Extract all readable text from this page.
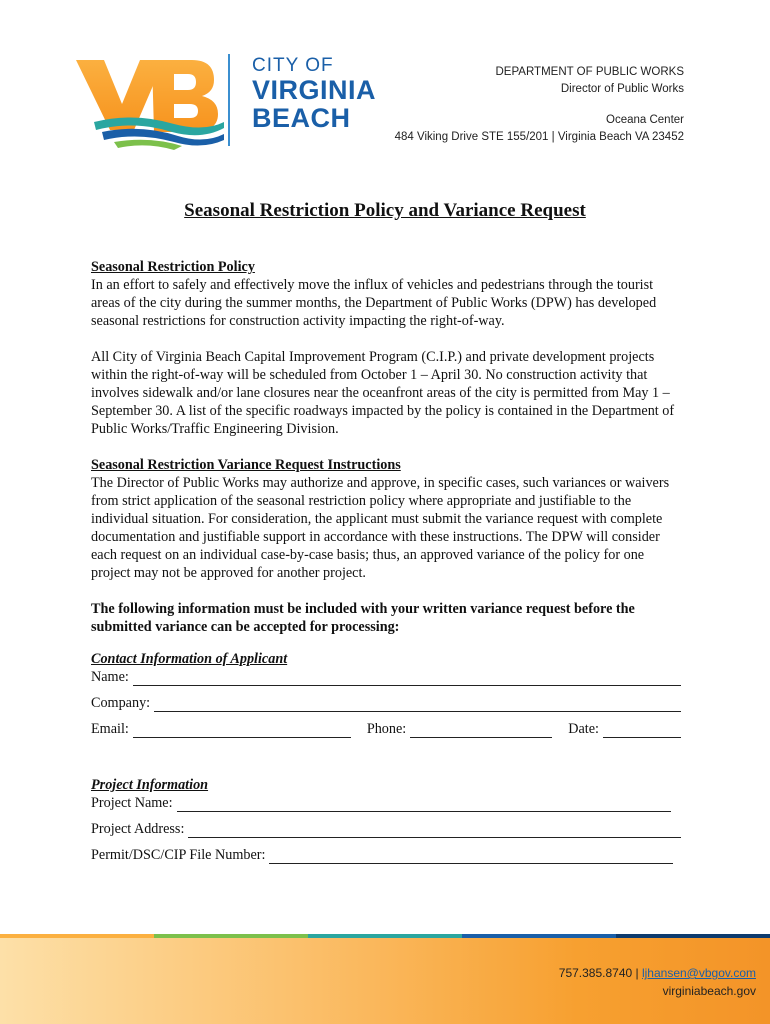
CITY OF
VIRGINIA
BEACH
DEPARTMENT OF PUBLIC WORKS
Director of Public Works
Oceana Center
484 Viking Drive STE 155/201 | Virginia Beach VA 23452
Seasonal Restriction Policy and Variance Request

Seasonal Restriction Policy

In an effort to safely and effectively move the influx of vehicles and pedestrians through the tourist areas of the city during the summer months, the Department of Public Works (DPW) has developed seasonal restrictions for construction activity impacting the right-of-way.

All City of Virginia Beach Capital Improvement Program (C.I.P.) and private development projects within the right-of-way will be scheduled from October 1 – April 30. No construction activity that involves sidewalk and/or lane closures near the oceanfront areas of the city is permitted from May 1 – September 30. A list of the specific roadways impacted by the policy is contained in the Department of Public Works/Traffic Engineering Division.

Seasonal Restriction Variance Request Instructions

The Director of Public Works may authorize and approve, in specific cases, such variances or waivers from strict application of the seasonal restriction policy where appropriate and justifiable to the individual situation. For consideration, the applicant must submit the variance request with complete documentation and justifiable support in accordance with these instructions. The DPW will consider each request on an individual case-by-case basis; thus, an approved variance of the policy for one project may not be approved for another project.

The following information must be included with your written variance request before the submitted variance can be accepted for processing:

Contact Information of Applicant

Name:
Company:
Email:	Phone:	Date:

Project Information

Project Name:
Project Address:
Permit/DSC/CIP File Number:
757.385.8740 | ljhansen@vbgov.com
virginiabeach.gov
